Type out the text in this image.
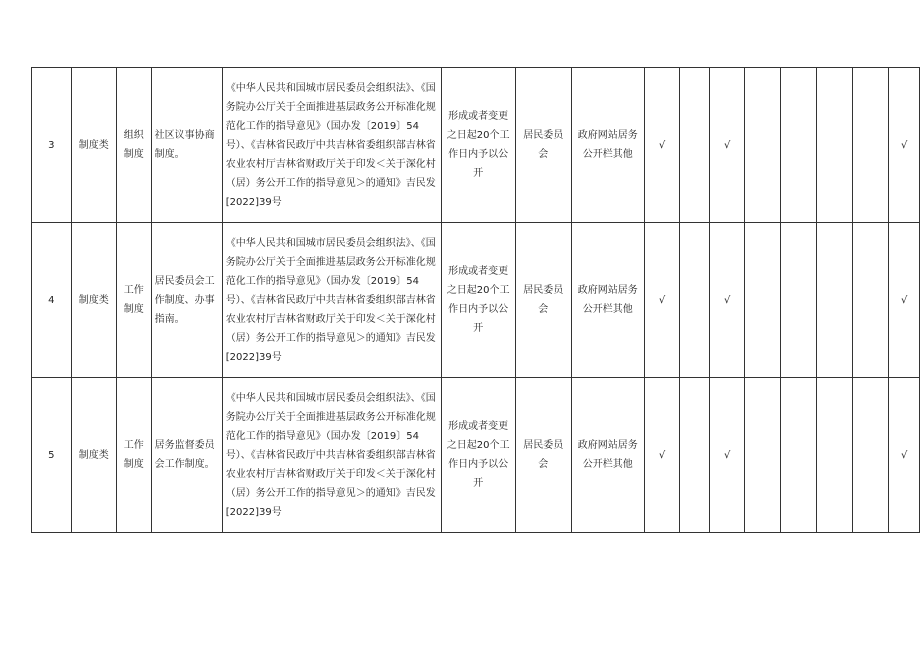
3	制度类	组织制度	社区议事协商制度。	《中华人民共和国城市居民委员会组织法》、《国务院办公厅关于全面推进基层政务公开标准化规范化工作的指导意见》（国办发〔2019〕54号）、《吉林省民政厅中共吉林省委组织部吉林省农业农村厅吉林省财政厅关于印发＜关于深化村（居）务公开工作的指导意见＞的通知》吉民发[2022]39号	形成或者变更之日起20个工作日内予以公开	居民委员会	政府网站居务公开栏其他	√		√					√
4	制度类	工作制度	居民委员会工作制度、办事指南。	《中华人民共和国城市居民委员会组织法》、《国务院办公厅关于全面推进基层政务公开标准化规范化工作的指导意见》（国办发〔2019〕54号）、《吉林省民政厅中共吉林省委组织部吉林省农业农村厅吉林省财政厅关于印发＜关于深化村（居）务公开工作的指导意见＞的通知》吉民发[2022]39号	形成或者变更之日起20个工作日内予以公开	居民委员会	政府网站居务公开栏其他	√		√					√
5	制度类	工作制度	居务监督委员会工作制度。	《中华人民共和国城市居民委员会组织法》、《国务院办公厅关于全面推进基层政务公开标准化规范化工作的指导意见》（国办发〔2019〕54号）、《吉林省民政厅中共吉林省委组织部吉林省农业农村厅吉林省财政厅关于印发＜关于深化村（居）务公开工作的指导意见＞的通知》吉民发[2022]39号	形成或者变更之日起20个工作日内予以公开	居民委员会	政府网站居务公开栏其他	√		√					√
